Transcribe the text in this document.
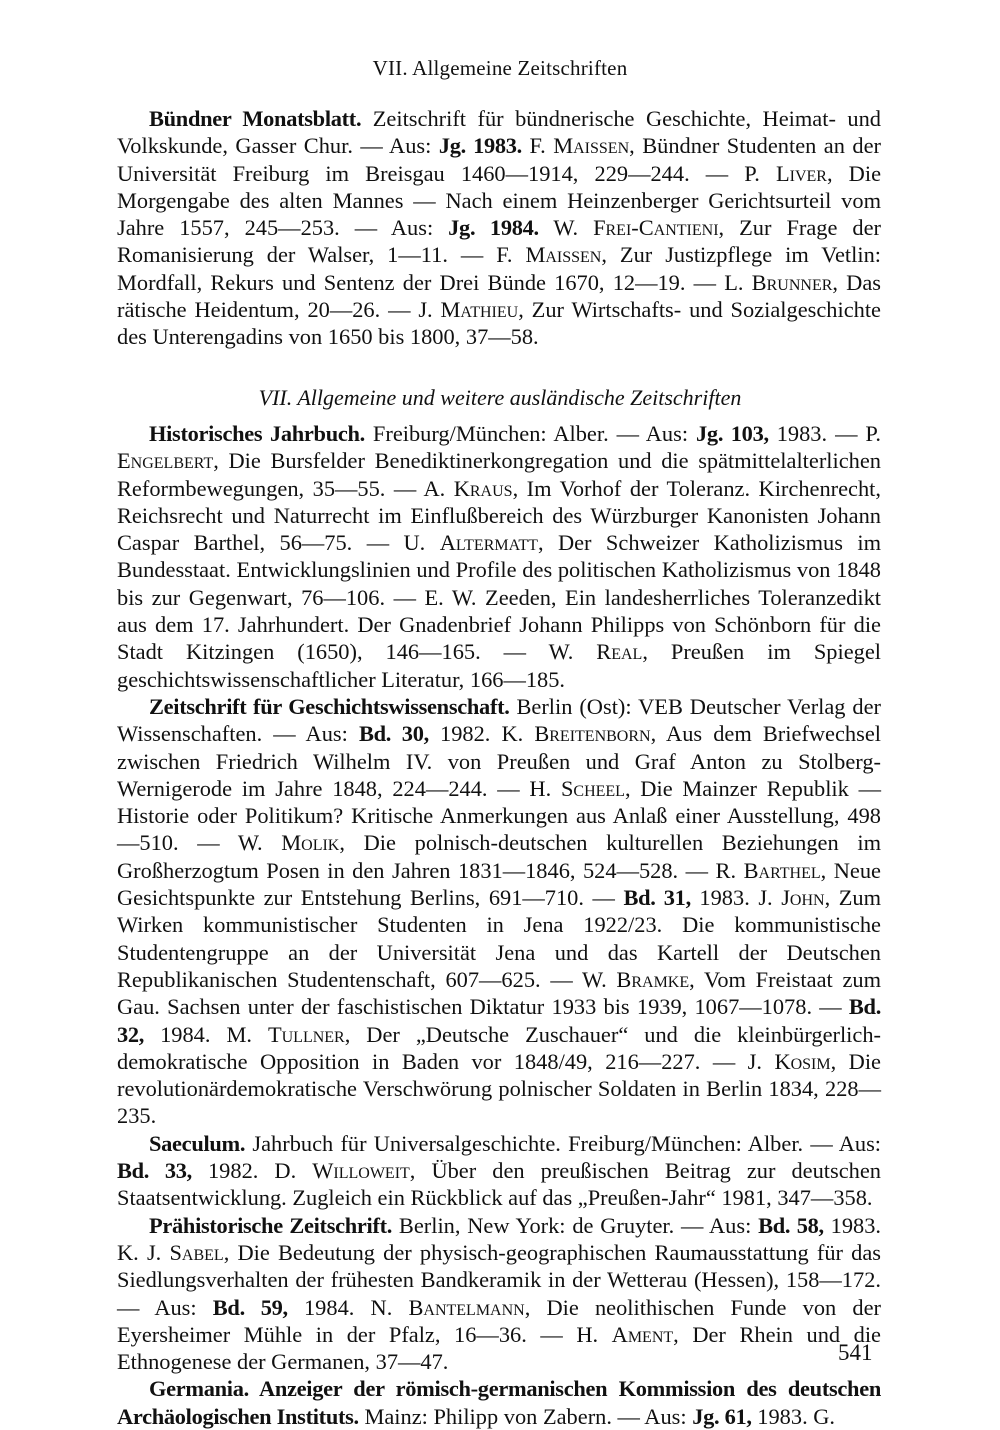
VII. Allgemeine Zeitschriften

Bündner Monatsblatt. Zeitschrift für bündnerische Geschichte, Heimat- und Volkskunde, Gasser Chur. — Aus: Jg. 1983. F. Maissen, Bündner Studenten an der Universität Freiburg im Breisgau 1460—1914, 229—244. — P. Liver, Die Morgengabe des alten Mannes — Nach einem Heinzenberger Gerichtsurteil vom Jahre 1557, 245—253. — Aus: Jg. 1984. W. Frei-Cantieni, Zur Frage der Romanisierung der Walser, 1—11. — F. Maissen, Zur Justizpflege im Vetlin: Mordfall, Rekurs und Sentenz der Drei Bünde 1670, 12—19. — L. Brunner, Das rätische Heidentum, 20—26. — J. Mathieu, Zur Wirtschafts- und Sozialgeschichte des Unterengadins von 1650 bis 1800, 37—58.

VII. Allgemeine und weitere ausländische Zeitschriften

Historisches Jahrbuch. Freiburg/München: Alber. — Aus: Jg. 103, 1983. — P. Engelbert, Die Bursfelder Benediktinerkongregation und die spätmittelalterlichen Reformbewegungen, 35—55. — A. Kraus, Im Vorhof der Toleranz. Kirchenrecht, Reichsrecht und Naturrecht im Einflußbereich des Würzburger Kanonisten Johann Caspar Barthel, 56—75. — U. Altermatt, Der Schweizer Katholizismus im Bundesstaat. Entwicklungslinien und Profile des politischen Katholizismus von 1848 bis zur Gegenwart, 76—106. — E. W. Zeeden, Ein landesherrliches Toleranzedikt aus dem 17. Jahrhundert. Der Gnadenbrief Johann Philipps von Schönborn für die Stadt Kitzingen (1650), 146—165. — W. Real, Preußen im Spiegel geschichtswissenschaftlicher Literatur, 166—185.

Zeitschrift für Geschichtswissenschaft. Berlin (Ost): VEB Deutscher Verlag der Wissenschaften. — Aus: Bd. 30, 1982. K. Breitenborn, Aus dem Briefwechsel zwischen Friedrich Wilhelm IV. von Preußen und Graf Anton zu Stolberg-Wernigerode im Jahre 1848, 224—244. — H. Scheel, Die Mainzer Republik — Historie oder Politikum? Kritische Anmerkungen aus Anlaß einer Ausstellung, 498—510. — W. Molik, Die polnisch-deutschen kulturellen Beziehungen im Großherzogtum Posen in den Jahren 1831—1846, 524—528. — R. Barthel, Neue Gesichtspunkte zur Entstehung Berlins, 691—710. — Bd. 31, 1983. J. John, Zum Wirken kommunistischer Studenten in Jena 1922/23. Die kommunistische Studentengruppe an der Universität Jena und das Kartell der Deutschen Republikanischen Studentenschaft, 607—625. — W. Bramke, Vom Freistaat zum Gau. Sachsen unter der faschistischen Diktatur 1933 bis 1939, 1067—1078. — Bd. 32, 1984. M. Tullner, Der „Deutsche Zuschauer“ und die kleinbürgerlich-demokratische Opposition in Baden vor 1848/49, 216—227. — J. Kosim, Die revolutionärdemokratische Verschwörung polnischer Soldaten in Berlin 1834, 228—235.

Saeculum. Jahrbuch für Universalgeschichte. Freiburg/München: Alber. — Aus: Bd. 33, 1982. D. Willoweit, Über den preußischen Beitrag zur deutschen Staatsentwicklung. Zugleich ein Rückblick auf das „Preußen-Jahr“ 1981, 347—358.

Prähistorische Zeitschrift. Berlin, New York: de Gruyter. — Aus: Bd. 58, 1983. K. J. Sabel, Die Bedeutung der physisch-geographischen Raumausstattung für das Siedlungsverhalten der frühesten Bandkeramik in der Wetterau (Hessen), 158—172. — Aus: Bd. 59, 1984. N. Bantelmann, Die neolithischen Funde von der Eyersheimer Mühle in der Pfalz, 16—36. — H. Ament, Der Rhein und die Ethnogenese der Germanen, 37—47.

Germania. Anzeiger der römisch-germanischen Kommission des deutschen Archäologischen Instituts. Mainz: Philipp von Zabern. — Aus: Jg. 61, 1983. G.

541
